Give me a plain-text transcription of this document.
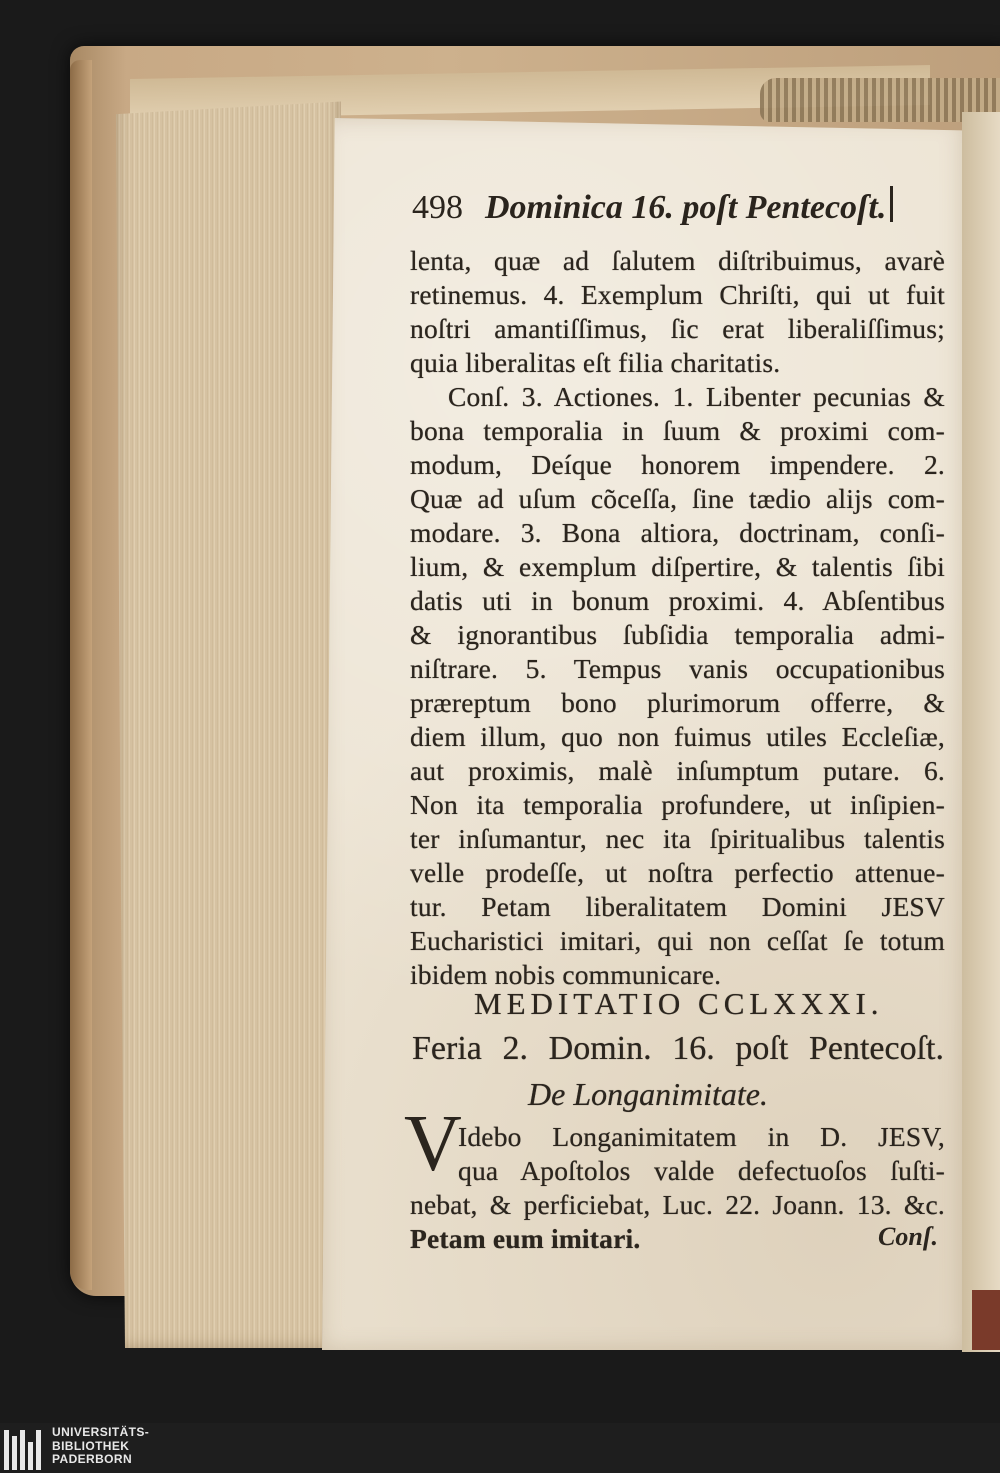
498 Dominica 16. poſt Pentecoſt.
lenta, quæ ad ſalutem diſtribuimus, avarè
retinemus. 4. Exemplum Chriſti, qui ut fuit
noſtri amantiſſimus, ſic erat liberaliſſimus;
quia liberalitas eſt filia charitatis.
Conſ. 3. Actiones. 1. Libenter pecunias &
bona temporalia in ſuum & proximi com-
modum, Deíque honorem impendere. 2.
Quæ ad uſum cõceſſa, ſine tædio alijs com-
modare. 3. Bona altiora, doctrinam, conſi-
lium, & exemplum diſpertire, & talentis ſibi
datis uti in bonum proximi. 4. Abſentibus
& ignorantibus ſubſidia temporalia admi-
niſtrare. 5. Tempus vanis occupationibus
præreptum bono plurimorum offerre, &
diem illum, quo non fuimus utiles Eccleſiæ,
aut proximis, malè inſumptum putare. 6.
Non ita temporalia profundere, ut inſipien-
ter inſumantur, nec ita ſpiritualibus talentis
velle prodeſſe, ut noſtra perfectio attenue-
tur. Petam liberalitatem Domini JESV
Eucharistici imitari, qui non ceſſat ſe totum
ibidem nobis communicare.
MEDITATIO CCLXXXI.
Feria 2. Domin. 16. poſt Pentecoſt.
De Longanimitate.
V
Idebo Longanimitatem in D. JESV,
qua Apoſtolos valde defectuoſos ſuſti-
nebat, & perficiebat, Luc. 22. Joann. 13. &c.
Petam eum imitari.	Conſ.
UNIVERSITÄTS-
BIBLIOTHEK
PADERBORN
